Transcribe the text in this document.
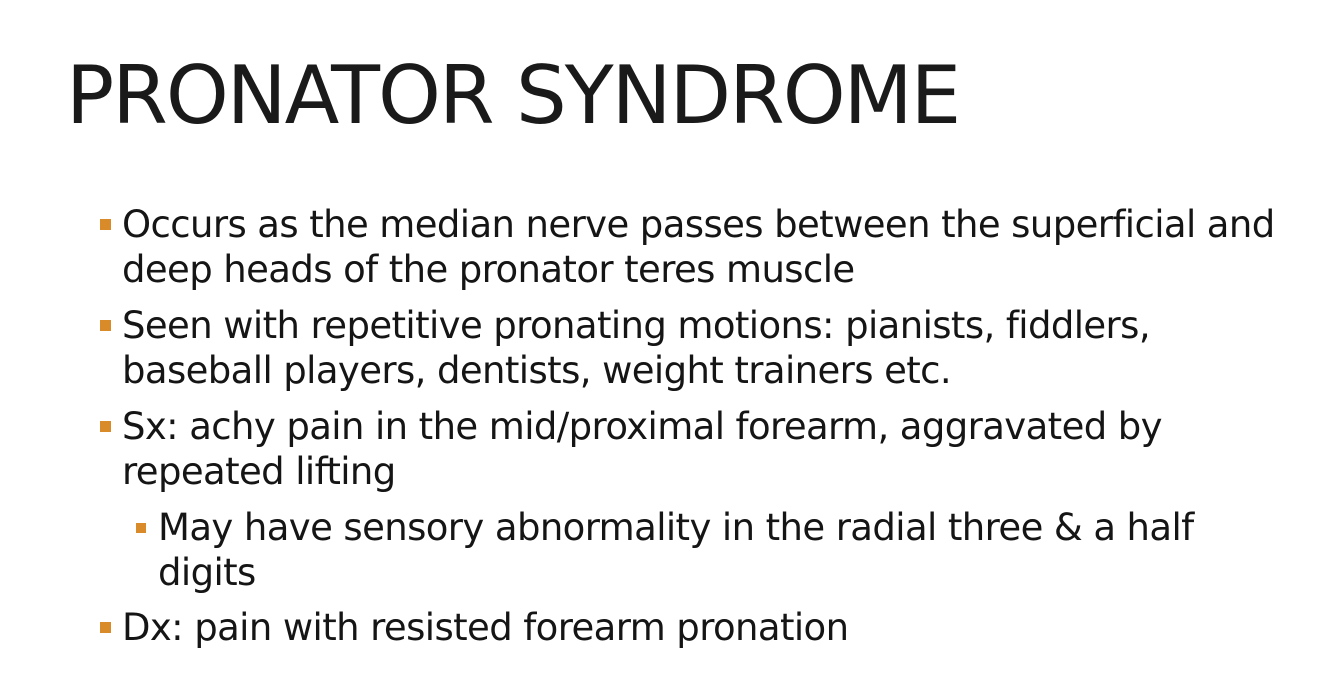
PRONATOR SYNDROME
Occurs as the median nerve passes between the superficial and deep heads of the pronator teres muscle
Seen with repetitive pronating motions: pianists, fiddlers, baseball players, dentists, weight trainers etc.
Sx: achy pain in the mid/proximal forearm, aggravated by repeated lifting
May have sensory abnormality in the radial three & a half digits
Dx: pain with resisted forearm pronation
